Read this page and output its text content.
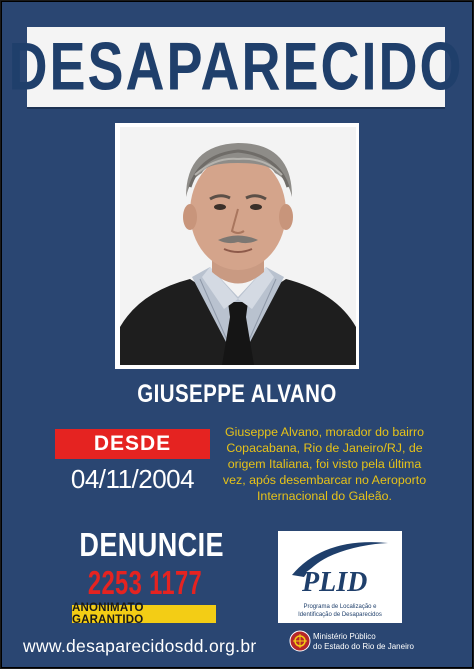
DESAPARECIDO
GIUSEPPE ALVANO
DESDE
04/11/2004
Giuseppe Alvano, morador do bairro Copacabana, Rio de Janeiro/RJ, de origem Italiana, foi visto pela última vez, após desembarcar no Aeroporto Internacional do Galeão.
DENUNCIE
2253 1177
ANONIMATO GARANTIDO
www.desaparecidosdd.org.br
PLID
Programa de Localização e
Identificação de Desaparecidos
Ministério Público
do Estado do Rio de Janeiro
